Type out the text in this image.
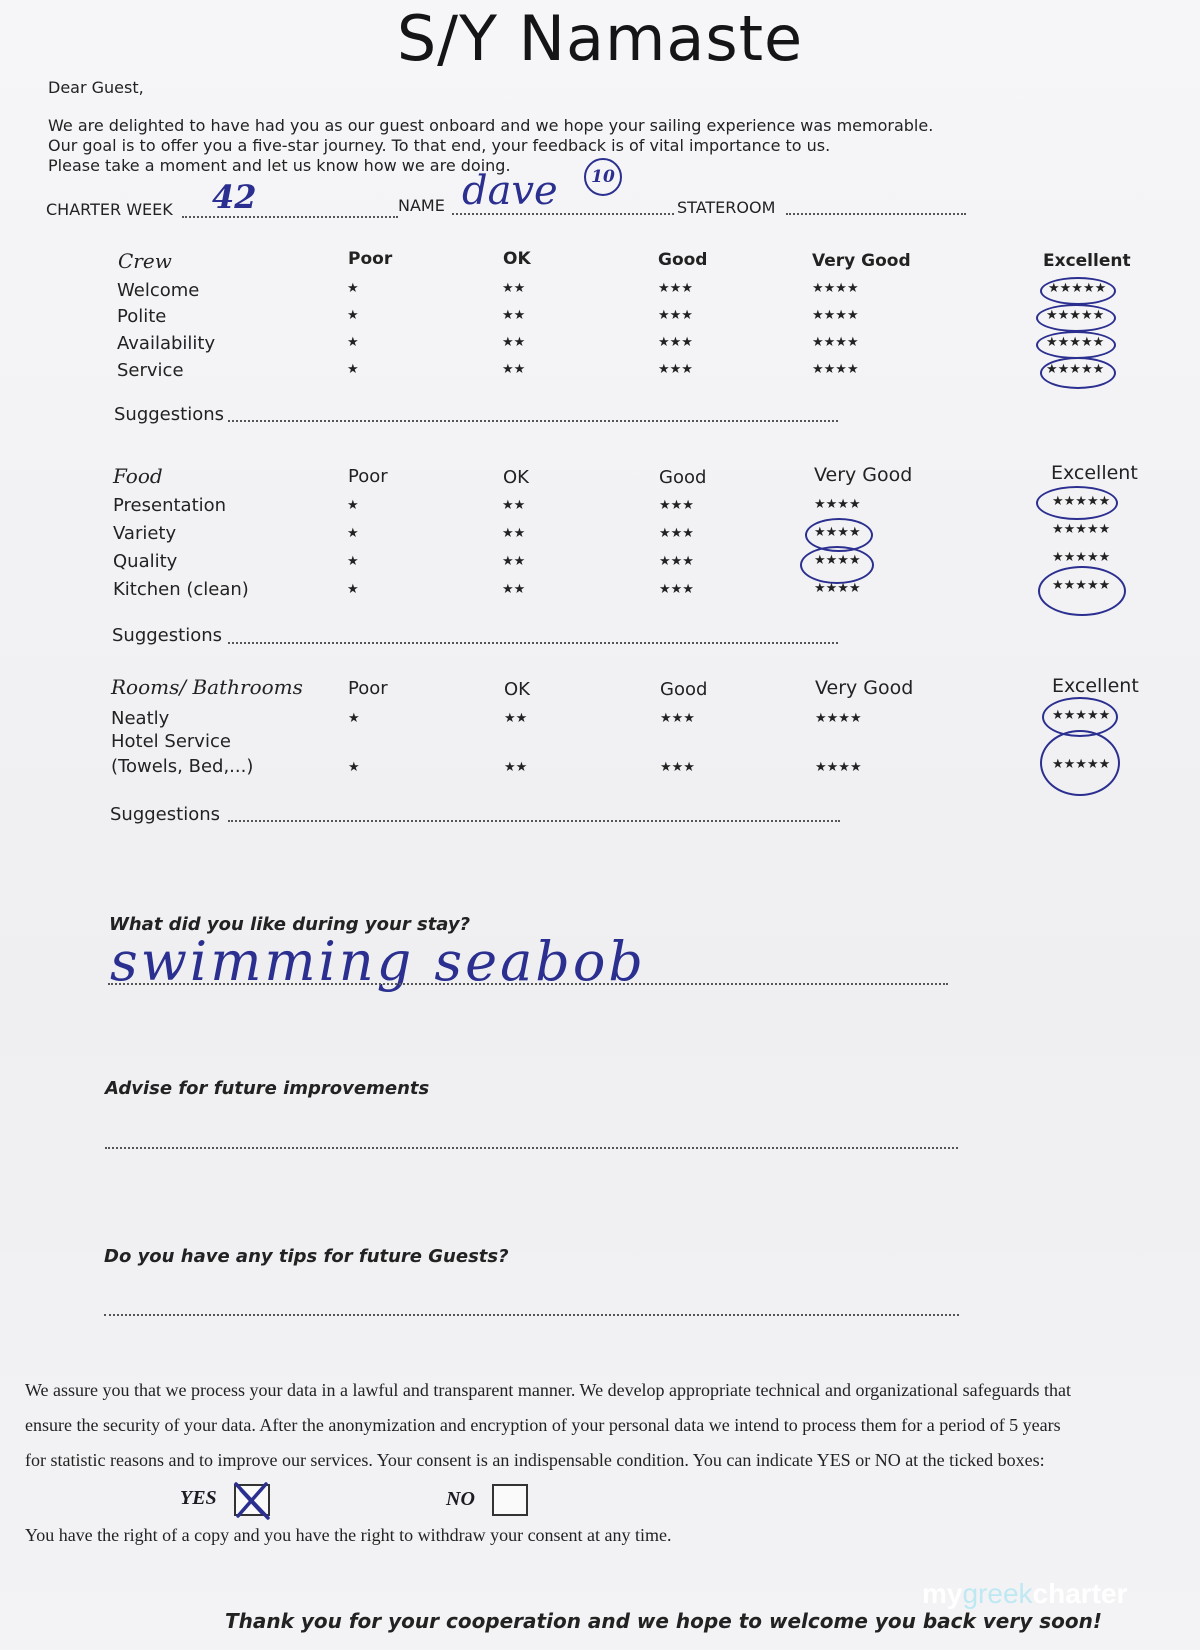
S/Y Namaste
Dear Guest,
We are delighted to have had you as our guest onboard and we hope your sailing experience was memorable.
Our goal is to offer you a five-star journey. To that end, your feedback is of vital importance to us.
Please take a moment and let us know how we are doing.
CHARTER WEEK 42	NAME dave	10
STATEROOM
Crew	Poor	OK	Good	Very Good	Excellent
Welcome	★	★★	★★★	★★★★	★★★★★
Polite	★	★★	★★★	★★★★	★★★★★
Availability	★	★★	★★★	★★★★	★★★★★
Service	★	★★	★★★	★★★★	★★★★★
Suggestions
Food	Poor	OK	Good	Very Good	Excellent
Presentation	★	★★	★★★	★★★★	★★★★★
Variety	★	★★	★★★	★★★★	★★★★★
Quality	★	★★	★★★	★★★★	★★★★★
Kitchen (clean)	★	★★	★★★	★★★★	★★★★★
Suggestions
Rooms/ Bathrooms	Poor	OK	Good	Very Good	Excellent
Neatly	★	★★	★★★	★★★★	★★★★★
Hotel Service
(Towels, Bed,...)	★	★★	★★★	★★★★	★★★★★
Suggestions
What did you like during your stay?
swimming seabob
Advise for future improvements
Do you have any tips for future Guests?
We assure you that we process your data in a lawful and transparent manner. We develop appropriate technical and organizational safeguards that
ensure the security of your data. After the anonymization and encryption of your personal data we intend to process them for a period of 5 years
for statistic reasons and to improve our services. Your consent is an indispensable condition. You can indicate YES or NO at the ticked boxes:
YES	NO
You have the right of a copy and you have the right to withdraw your consent at any time.
Thank you for your cooperation and we hope to welcome you back very soon!
mygreekcharter
